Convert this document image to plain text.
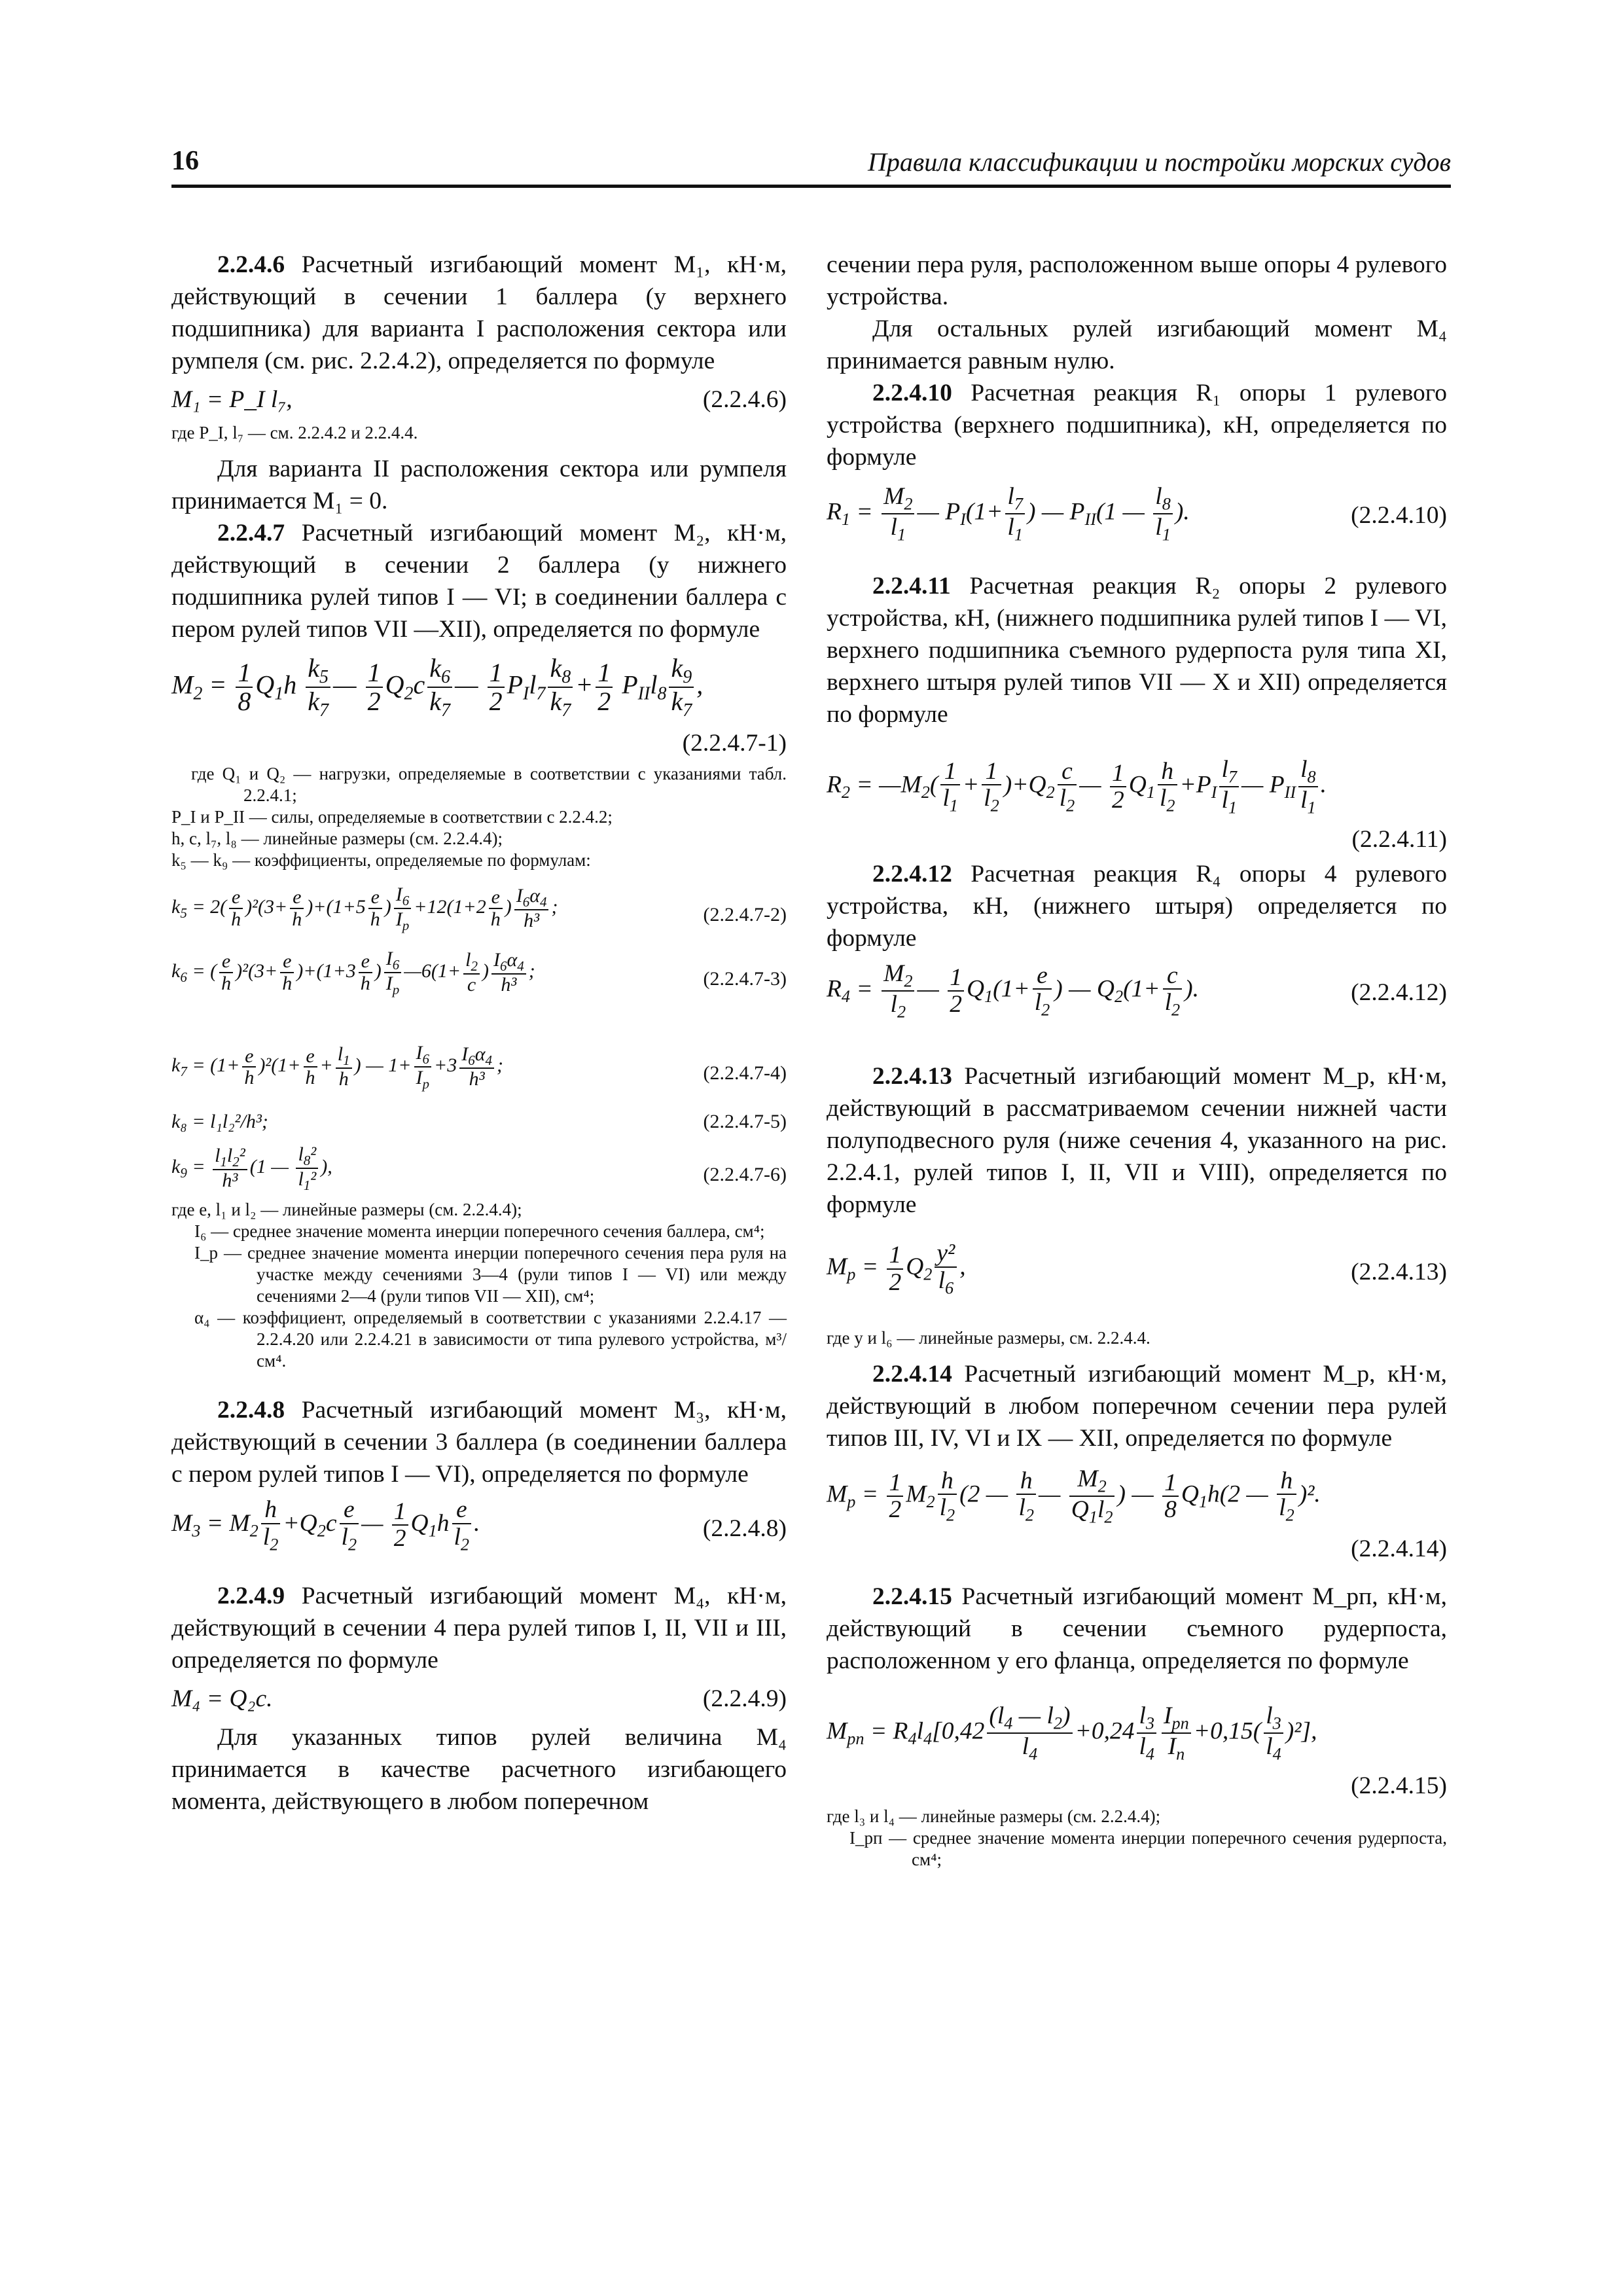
16	Правила классификации и постройки морских судов

2.2.4.6 Расчетный изгибающий момент M₁, кН·м, действующий в сечении 1 баллера (у верхнего подшипника) для варианта I расположения сектора или румпеля (см. рис. 2.2.4.2), определяется по формуле

M₁ = P_I l₇,	(2.2.4.6)

где P_I, l₇ — см. 2.2.4.2 и 2.2.4.4.

Для варианта II расположения сектора или румпеля принимается M₁ = 0.

2.2.4.7 Расчетный изгибающий момент M₂, кН·м, действующий в сечении 2 баллера (у нижнего подшипника рулей типов I — VI; в соединении баллера с пером рулей типов VII —XII), определяется по формуле

$M_2 = \frac{1}{8} Q_1h \frac{k_5}{k_7}$ — $\frac{1}{2} Q_2c \frac{k_6}{k_7}$ — $\frac{1}{2} P_Il_7 \frac{k_8}{k_7} + \frac{1}{2} P_{II}l_8 \frac{k_9}{k_7}$ ,
(2.2.4.7-1)

где Q₁ и Q₂ — нагрузки, определяемые в соответствии с указаниями табл. 2.2.4.1;

P_I и P_II — силы, определяемые в соответствии с 2.2.4.2;

h, c, l₇, l₈ — линейные размеры (см. 2.2.4.4);

k₅ — k₉ — коэффициенты, определяемые по формулам:

$k_5 = 2( \frac{e}{h} )^2(3+ \frac{e}{h} )+(1+5 \frac{e}{h}$ ) $\frac{I_6}{I_p} +12(1+2 \frac{e}{h}$ ) $\frac{I_6\alpha_4}{\text{h³}}$ ;	(2.2.4.7-2)
$k_6$ = ( $\frac{e}{h} )^2(3+ \frac{e}{h} )+(1+3 \frac{e}{h}$ ) $\frac{I_6}{I_p}$ —6(1+ $\frac{l_2}{c}$ ) $\frac{I_6\alpha_4}{\text{h³}}$ ;	(2.2.4.7-3)
$k_7 = (1+ \frac{e}{h} )^2(1+ \frac{e}{h} + \frac{l_1}{h}$ ) — $1+ \frac{I_6}{I_p} +3 \frac{I_6\alpha_4}{\text{h³}}$ ;	(2.2.4.7-4)
k₈ = l₁l₂²/h³;	(2.2.4.7-5)
$k_9 = \frac{l_1l_2^2}{\text{h³}} (1$ — $\frac{l_8^2}{l_1^2}$ ),	(2.2.4.7-6)

где e, l₁ и l₂ — линейные размеры (см. 2.2.4.4);

I₆ — среднее значение момента инерции поперечного сечения баллера, см⁴;

I_p — среднее значение момента инерции поперечного сечения пера руля на участке между сечениями 3—4 (рули типов I — VI) или между сечениями 2—4 (рули типов VII — XII), см⁴;

α₄ — коэффициент, определяемый в соответствии с указаниями 2.2.4.17 — 2.2.4.20 или 2.2.4.21 в зависимости от типа рулевого устройства, м³/см⁴.

2.2.4.8 Расчетный изгибающий момент M₃, кН·м, действующий в сечении 3 баллера (в соединении баллера с пером рулей типов I — VI), определяется по формуле

$M_3 = M_2 \frac{h}{l_2} +Q_2c \frac{e}{l_2}$ — $\frac{1}{2} Q_1h \frac{e}{l_2}$ .	(2.2.4.8)

2.2.4.9 Расчетный изгибающий момент M₄, кН·м, действующий в сечении 4 пера рулей типов I, II, VII и III, определяется по формуле

M₄ = Q₂c.	(2.2.4.9)

Для указанных типов рулей величина M₄ принимается в качестве расчетного изгибающего момента, действующего в любом поперечном

сечении пера руля, расположенном выше опоры 4 рулевого устройства.

Для остальных рулей изгибающий момент M₄ принимается равным нулю.

2.2.4.10 Расчетная реакция R₁ опоры 1 рулевого устройства (верхнего подшипника), кН, определяется по формуле

$R_1 = \frac{M_2}{l_1}$ — $P_I(1+ \frac{l_7}{l_1}$ ) — $P_{II}(1$ — $\frac{l_8}{l_1}$ ).	(2.2.4.10)

2.2.4.11 Расчетная реакция R₂ опоры 2 рулевого устройства, кН, (нижнего подшипника рулей типов I — VI, верхнего подшипника съемного рудерпоста руля типа XI, верхнего штыря рулей типов VII — X и XII) определяется по формуле

$R_2$ = $—M_2( \frac{1}{l_1} + \frac{1}{l_2} )+Q_2 \frac{c}{l_2}$ — $\frac{1}{2} Q_1 \frac{h}{l_2} +P_I \frac{l_7}{l_1}$ — $P_{II} \frac{l_8}{l_1}$ .
(2.2.4.11)

2.2.4.12 Расчетная реакция R₄ опоры 4 рулевого устройства, кН, (нижнего штыря) определяется по формуле

$R_4 = \frac{M_2}{l_2}$ — $\frac{1}{2} Q_1(1+ \frac{e}{l_2}$ ) — $Q_2(1+ \frac{c}{l_2}$ ).	(2.2.4.12)

2.2.4.13 Расчетный изгибающий момент M_p, кН·м, действующий в рассматриваемом сечении нижней части полуподвесного руля (ниже сечения 4, указанного на рис. 2.2.4.1, рулей типов I, II, VII и VIII), определяется по формуле

$M_p = \frac{1}{2} Q_2 \frac{\text{y²}}{l_6}$ ,	(2.2.4.13)

где y и l₆ — линейные размеры, см. 2.2.4.4.

2.2.4.14 Расчетный изгибающий момент M_p, кН·м, действующий в любом поперечном сечении пера рулей типов III, IV, VI и IX — XII, определяется по формуле

$M_p = \frac{1}{2} M_2 \frac{h}{l_2} (2$ — $\frac{h}{l_2}$ — $\frac{M_2}{Q_1l_2}$ ) — $\frac{1}{8} Q_1h(2$ — $\frac{h}{l_2} )^2$.
(2.2.4.14)

2.2.4.15 Расчетный изгибающий момент M_pп, кН·м, действующий в сечении съемного рудерпоста, расположенном у его фланца, определяется по формуле

$M_{pп} = R_4l_4[0,42 \frac{(l_4 — l_2)}{l_4} +0,24 \frac{l_3}{l_4} \frac{I_{pп}}{I_п} +0,15( \frac{l_3}{l_4} )^2]$,
(2.2.4.15)

где l₃ и l₄ — линейные размеры (см. 2.2.4.4);

I_pп — среднее значение момента инерции поперечного сечения рудерпоста, см⁴;
